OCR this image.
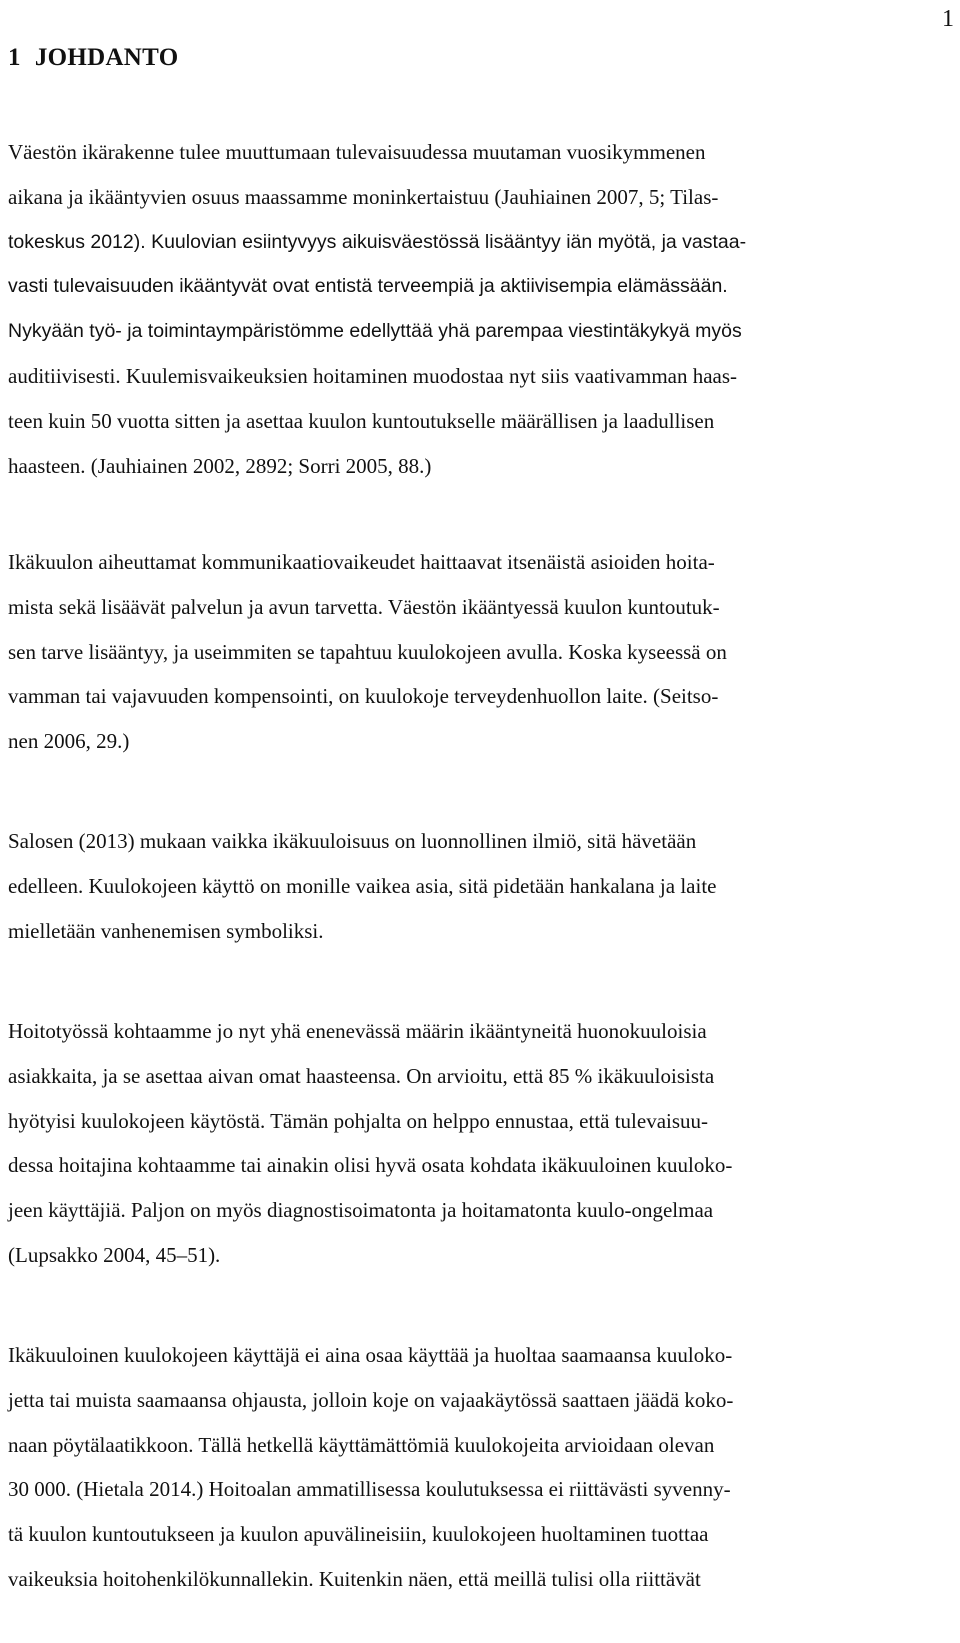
1
1 JOHDANTO

Väestön ikärakenne tulee muuttumaan tulevaisuudessa muutaman vuosikymmenen
aikana ja ikääntyvien osuus maassamme moninkertaistuu (Jauhiainen 2007, 5; Tilas-
tokeskus 2012). Kuulovian esiintyvyys aikuisväestössä lisääntyy iän myötä, ja vastaa-
vasti tulevaisuuden ikääntyvät ovat entistä terveempiä ja aktiivisempia elämässään.
Nykyään työ- ja toimintaympäristömme edellyttää yhä parempaa viestintäkykyä myös
auditiivisesti. Kuulemisvaikeuksien hoitaminen muodostaa nyt siis vaativamman haas-
teen kuin 50 vuotta sitten ja asettaa kuulon kuntoutukselle määrällisen ja laadullisen
haasteen. (Jauhiainen 2002, 2892; Sorri 2005, 88.)

Ikäkuulon aiheuttamat kommunikaatiovaikeudet haittaavat itsenäistä asioiden hoita-
mista sekä lisäävät palvelun ja avun tarvetta. Väestön ikääntyessä kuulon kuntoutuk-
sen tarve lisääntyy, ja useimmiten se tapahtuu kuulokojeen avulla. Koska kyseessä on
vamman tai vajavuuden kompensointi, on kuulokoje terveydenhuollon laite. (Seitso-
nen 2006, 29.)

Salosen (2013) mukaan vaikka ikäkuuloisuus on luonnollinen ilmiö, sitä hävetään
edelleen. Kuulokojeen käyttö on monille vaikea asia, sitä pidetään hankalana ja laite
mielletään vanhenemisen symboliksi.

Hoitotyössä kohtaamme jo nyt yhä enenevässä määrin ikääntyneitä huonokuuloisia
asiakkaita, ja se asettaa aivan omat haasteensa. On arvioitu, että 85 % ikäkuuloisista
hyötyisi kuulokojeen käytöstä. Tämän pohjalta on helppo ennustaa, että tulevaisuu-
dessa hoitajina kohtaamme tai ainakin olisi hyvä osata kohdata ikäkuuloinen kuuloko-
jeen käyttäjiä. Paljon on myös diagnostisoimatonta ja hoitamatonta kuulo-ongelmaa
(Lupsakko 2004, 45–51).

Ikäkuuloinen kuulokojeen käyttäjä ei aina osaa käyttää ja huoltaa saamaansa kuuloko-
jetta tai muista saamaansa ohjausta, jolloin koje on vajaakäytössä saattaen jäädä koko-
naan pöytälaatikkoon. Tällä hetkellä käyttämättömiä kuulokojeita arvioidaan olevan
30 000. (Hietala 2014.) Hoitoalan ammatillisessa koulutuksessa ei riittävästi syvenny-
tä kuulon kuntoutukseen ja kuulon apuvälineisiin, kuulokojeen huoltaminen tuottaa
vaikeuksia hoitohenkilökunnallekin. Kuitenkin näen, että meillä tulisi olla riittävät
